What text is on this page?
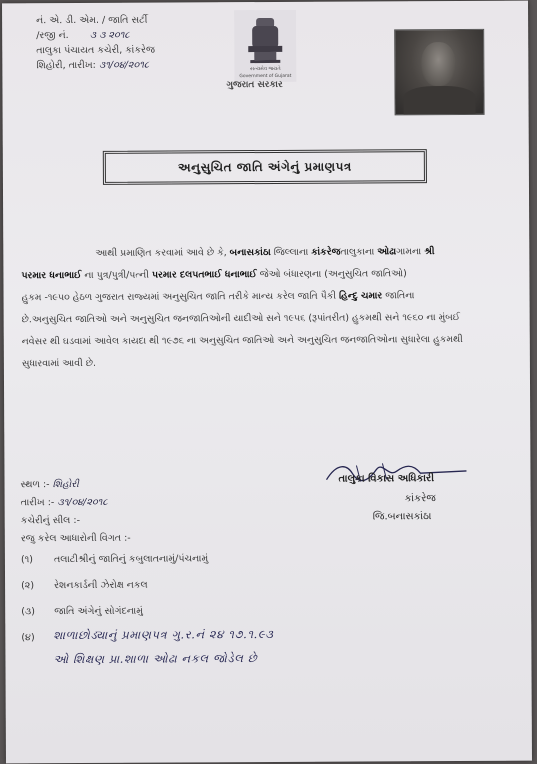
નં. એ. ડી. એમ. / જાતિ સર્ટી
/રજી નં. ૩ ૩ ૨૦૧૮
તાલુકા પંચાયત કચેરી, કાંકરેજ
શિહોરી, તારીખ: ૩૧/૦૪/૨૦૧૮	સત્યમેવ જયતે
Government of Gujarat
ગુજરાત સરકાર
અનુસુચિત જાતિ અંગેનું પ્રમાણપત્ર

આથી પ્રમાણિત કરવામાં આવે છે કે, બનાસકાંઠા જિલ્લાના કાંકરેજતાલુકાના ઓઢાગામના શ્રી

પરમાર ધનાભાઈ ના પુત્ર/પુત્રી/પત્ની પરમાર દલપતભાઈ ધનાભાઈ જેઓ બંધારણના (અનુસુચિત જાતિઓ)

હુકમ -૧૯૫૦ હેઠળ ગુજરાત રાજ્યમાં અનુસુચિત જાતિ તરીકે માન્ય કરેલ જાતિ પૈકી હિન્દુ ચમાર જાતિના

છે.અનુસુચિત જાતિઓ અને અનુસુચિત જનજાતિઓની યાદીઓ સને ૧૯૫૬ (રૂપાંતરીત) હુકમથી સને ૧૯૬૦ ના મુંબઈ

નવેસર થી ઘડવામાં આવેલ કાયદા થી ૧૯૭૬ ના અનુસુચિત જાતિઓ અને અનુસુચિત જનજાતિઓના સુધારેલા હુકમથી

સુધારવામાં આવી છે.

તાલુકા વિકાસ અધિકારી
કાંકરેજ
જિ.બનાસકાંઠા
સ્થળ :- શિહોરી
તારીખ :- ૩૧/૦૪/૨૦૧૮
કચેરીનું સીલ :-
રજુ કરેલ આધારોની વિગત :-
(૧) તલાટીશ્રીનું જાતિનું કબુલાતનામું/પંચનામું
(૨) રેશનકાર્ડની ઝેરોક્ષ નકલ
(૩) જાતિ અંગેનું સોગંદનામું
(૪)	શાળાછોડ્યાનું પ્રમાણપત્ર ગુ.ર.નં ૨૪ ૧૭.૧.૯૩
ઓ શિક્ષણ પ્રા.શાળા ઓઢા નકલ જોડેલ છે
